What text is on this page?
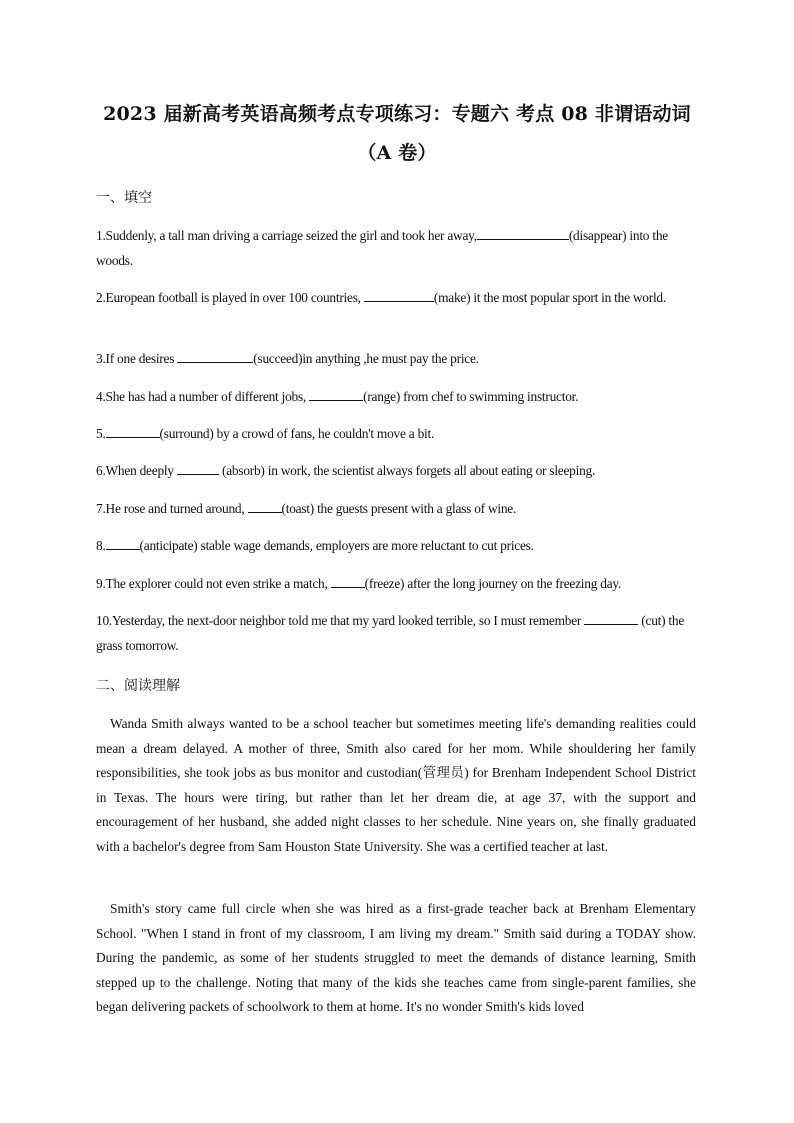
2023 届新高考英语高频考点专项练习：专题六 考点 08 非谓语动词
（A 卷）
一、填空
1.Suddenly, a tall man driving a carriage seized the girl and took her away,	(disappear) into the woods.
2.European football is played in over 100 countries,	(make) it the most popular sport in the world.
3.If one desires	(succeed)in anything ,he must pay the price.
4.She has had a number of different jobs,	(range) from chef to swimming instructor.
5.	(surround) by a crowd of fans, he couldn't move a bit.
6.When deeply	(absorb) in work, the scientist always forgets all about eating or sleeping.
7.He rose and turned around,	(toast) the guests present with a glass of wine.
8.	(anticipate) stable wage demands, employers are more reluctant to cut prices.
9.The explorer could not even strike a match,	(freeze) after the long journey on the freezing day.
10.Yesterday, the next-door neighbor told me that my yard looked terrible, so I must remember	(cut) the grass tomorrow.
二、阅读理解
Wanda Smith always wanted to be a school teacher but sometimes meeting life's demanding realities could mean a dream delayed. A mother of three, Smith also cared for her mom. While shouldering her family responsibilities, she took jobs as bus monitor and custodian(管理员) for Brenham Independent School District in Texas. The hours were tiring, but rather than let her dream die, at age 37, with the support and encouragement of her husband, she added night classes to her schedule. Nine years on, she finally graduated with a bachelor's degree from Sam Houston State University. She was a certified teacher at last.
Smith's story came full circle when she was hired as a first-grade teacher back at Brenham Elementary School. "When I stand in front of my classroom, I am living my dream." Smith said during a TODAY show. During the pandemic, as some of her students struggled to meet the demands of distance learning, Smith stepped up to the challenge. Noting that many of the kids she teaches came from single-parent families, she began delivering packets of schoolwork to them at home. It's no wonder Smith's kids loved
